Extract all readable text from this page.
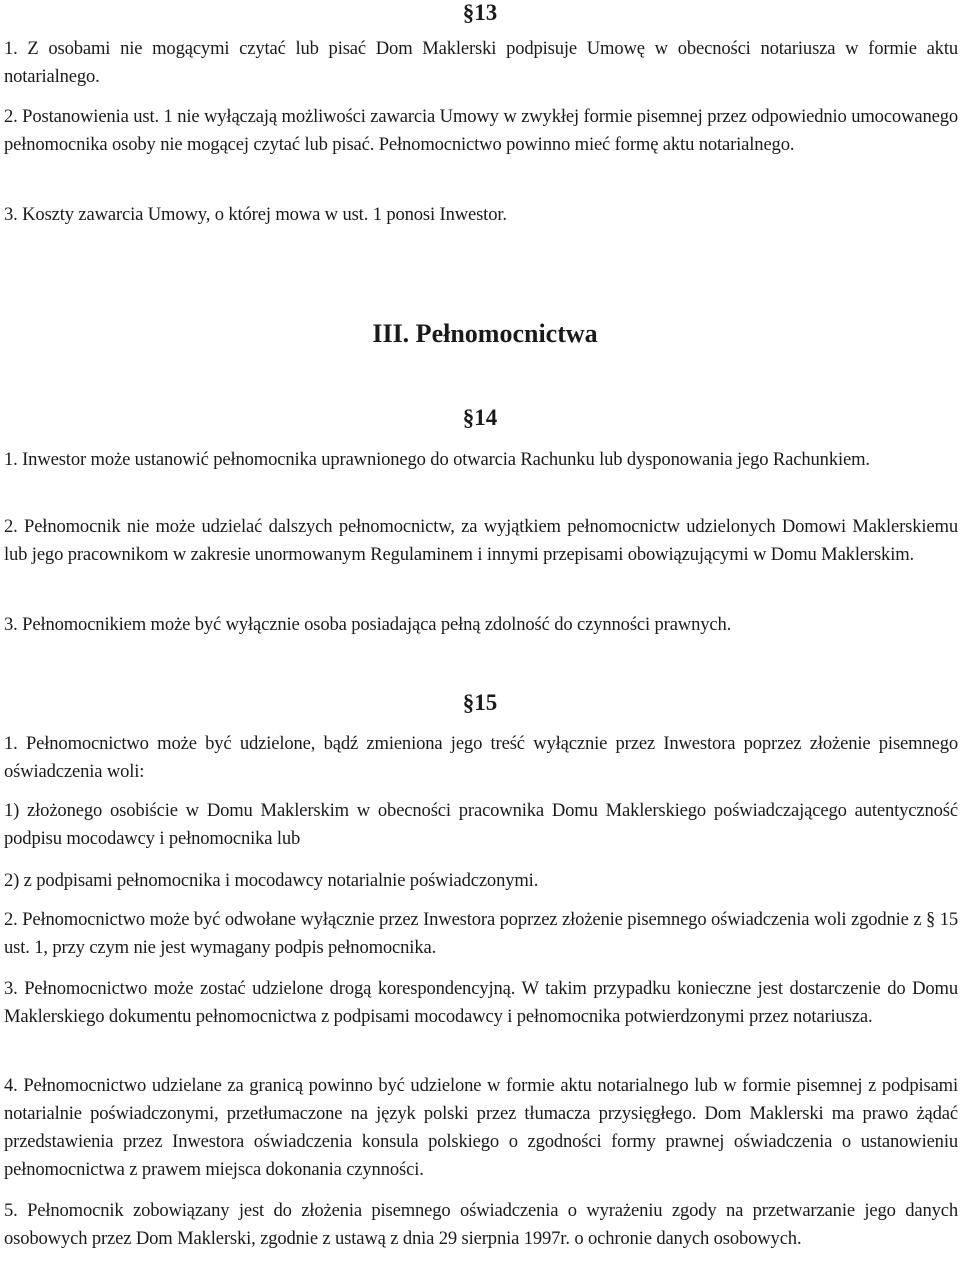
§13

1. Z osobami nie mogącymi czytać lub pisać Dom Maklerski podpisuje Umowę w obecności notariusza w formie aktu notarialnego.

2. Postanowienia ust. 1 nie wyłączają możliwości zawarcia Umowy w zwykłej formie pisemnej przez odpowiednio umocowanego pełnomocnika osoby nie mogącej czytać lub pisać. Pełnomocnictwo powinno mieć formę aktu notarialnego.

3. Koszty zawarcia Umowy, o której mowa w ust. 1 ponosi Inwestor.

III. Pełnomocnictwa
§14

1. Inwestor może ustanowić pełnomocnika uprawnionego do otwarcia Rachunku lub dysponowania jego Rachunkiem.

2. Pełnomocnik nie może udzielać dalszych pełnomocnictw, za wyjątkiem pełnomocnictw udzielonych Domowi Maklerskiemu lub jego pracownikom w zakresie unormowanym Regulaminem i innymi przepisami obowiązującymi w Domu Maklerskim.

3. Pełnomocnikiem może być wyłącznie osoba posiadająca pełną zdolność do czynności prawnych.

§15

1. Pełnomocnictwo może być udzielone, bądź zmieniona jego treść wyłącznie przez Inwestora poprzez złożenie pisemnego oświadczenia woli:

1) złożonego osobiście w Domu Maklerskim w obecności pracownika Domu Maklerskiego poświadczającego autentyczność podpisu mocodawcy i pełnomocnika lub

2) z podpisami pełnomocnika i mocodawcy notarialnie poświadczonymi.

2. Pełnomocnictwo może być odwołane wyłącznie przez Inwestora poprzez złożenie pisemnego oświadczenia woli zgodnie z § 15 ust. 1, przy czym nie jest wymagany podpis pełnomocnika.

3. Pełnomocnictwo może zostać udzielone drogą korespondencyjną. W takim przypadku konieczne jest dostarczenie do Domu Maklerskiego dokumentu pełnomocnictwa z podpisami mocodawcy i pełnomocnika potwierdzonymi przez notariusza.

4. Pełnomocnictwo udzielane za granicą powinno być udzielone w formie aktu notarialnego lub w formie pisemnej z podpisami notarialnie poświadczonymi, przetłumaczone na język polski przez tłumacza przysięgłego. Dom Maklerski ma prawo żądać przedstawienia przez Inwestora oświadczenia konsula polskiego o zgodności formy prawnej oświadczenia o ustanowieniu pełnomocnictwa z prawem miejsca dokonania czynności.

5. Pełnomocnik zobowiązany jest do złożenia pisemnego oświadczenia o wyrażeniu zgody na przetwarzanie jego danych osobowych przez Dom Maklerski, zgodnie z ustawą z dnia 29 sierpnia 1997r. o ochronie danych osobowych.
